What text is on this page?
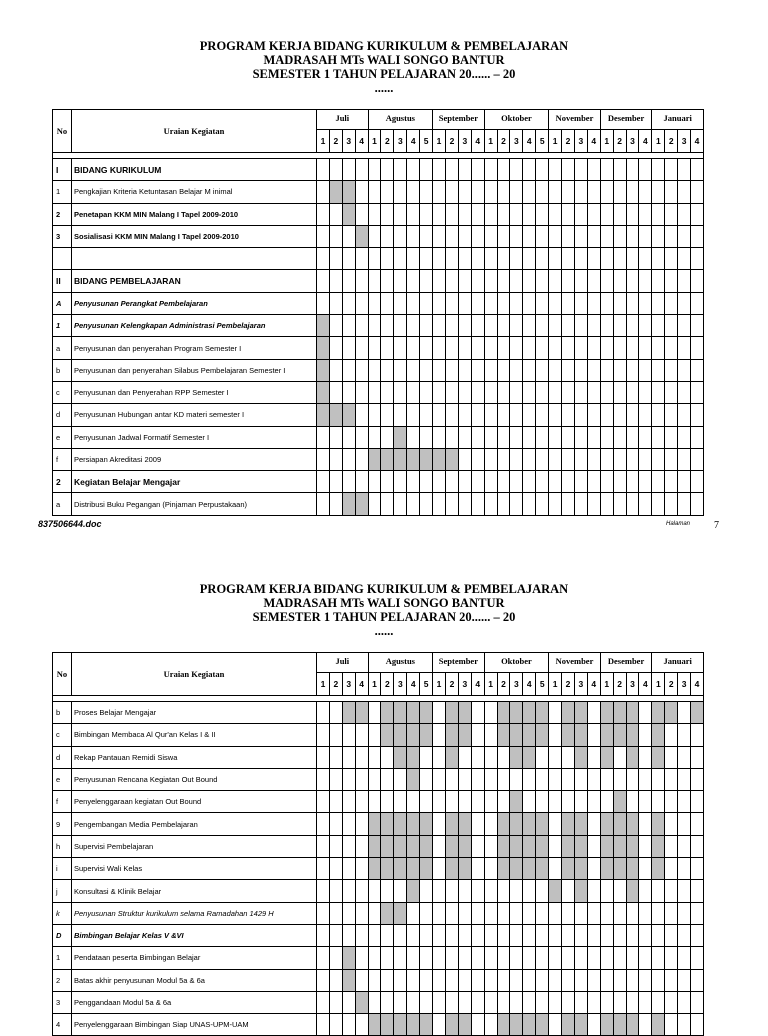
PROGRAM KERJA BIDANG KURIKULUM & PEMBELAJARAN
MADRASAH MTs WALI SONGO BANTUR
SEMESTER 1 TAHUN PELAJARAN 20...... – 20
......
No	Uraian Kegiatan	Juli				Agustus					September				Oktober					November				Desember				Januari			
		1	2	3	4	1	2	3	4	5	1	2	3	4	1	2	3	4	5	1	2	3	4	1	2	3	4	1	2	3	4

I	BIDANG KURIKULUM																														
1	Pengkajian Kriteria Ketuntasan Belajar M inimal																														
2	Penetapan KKM MIN Malang I Tapel 2009-2010																														
3	Sosialisasi KKM MIN Malang I Tapel 2009-2010																														

II	BIDANG PEMBELAJARAN																														
A	Penyusunan Perangkat Pembelajaran																														
1	Penyusunan Kelengkapan Administrasi Pembelajaran																														
a	Penyusunan dan penyerahan Program Semester I																														
b	Penyusunan dan penyerahan Silabus Pembelajaran Semester I																														
c	Penyusunan dan Penyerahan RPP Semester I																														
d	Penyusunan Hubungan antar KD materi semester I																														
e	Penyusunan Jadwal Formatif Semester I																														
f	Persiapan Akreditasi 2009																														
2	Kegiatan Belajar Mengajar																														
a	Distribusi Buku Pegangan (Pinjaman Perpustakaan)																														
837506644.doc	Halaman 7
PROGRAM KERJA BIDANG KURIKULUM & PEMBELAJARAN
MADRASAH MTs WALI SONGO BANTUR
SEMESTER 1 TAHUN PELAJARAN 20...... – 20
......
No	Uraian Kegiatan	Juli				Agustus					September				Oktober					November				Desember				Januari			
		1	2	3	4	1	2	3	4	5	1	2	3	4	1	2	3	4	5	1	2	3	4	1	2	3	4	1	2	3	4

b	Proses Belajar Mengajar																														
c	Bimbingan Membaca Al Qur'an Kelas I & II																														
d	Rekap Pantauan Remidi Siswa																														
e	Penyusunan Rencana Kegiatan Out Bound																														
f	Penyelenggaraan kegiatan Out Bound																														
9	Pengembangan Media Pembelajaran																														
h	Supervisi Pembelajaran																														
i	Supervisi Wali Kelas																														
j	Konsultasi & Klinik Belajar																														
k	Penyusunan Struktur kurikulum selama Ramadahan 1429 H																														
D	Bimbingan Belajar Kelas V &VI																														
1	Pendataan peserta Bimbingan Belajar																														
2	Batas akhir penyusunan Modul 5a & 6a																														
3	Penggandaan Modul 5a & 6a																														
4	Penyelenggaraan Bimbingan Siap UNAS-UPM-UAM																														
